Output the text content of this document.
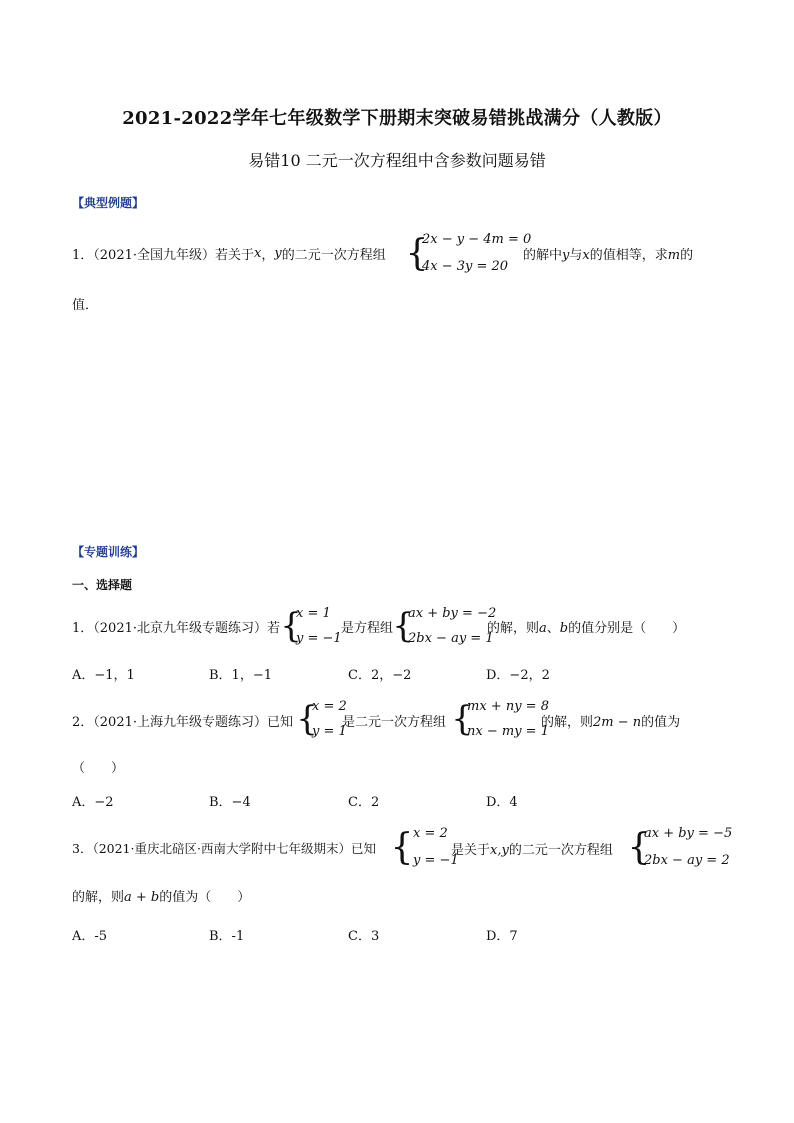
2021-2022学年七年级数学下册期末突破易错挑战满分（人教版）
易错10 二元一次方程组中含参数问题易错
【典型例题】
1．（2021·全国九年级）若关于 x ， y 的二元一次方程组 {
2x − y − 4m = 0
4x − 3y = 20
的解中y与x的值相等，求m的
值．
【专题训练】
一、选择题
1．（2021·北京九年级专题练习）若 {
x = 1
y = −1
是方程组 {
ax + by = −2
2bx − ay = 1
的解，则a、b的值分别是（　　）
A．−1，1	B．1，−1	C．2，−2	D．−2，2
2．（2021·上海九年级专题练习）已知 {
x = 2
y = 1
是二元一次方程组 {
mx + ny = 8
nx − my = 1
的解，则2m − n的值为
（　　）
A．−2	B．−4	C．2	D．4
3．（2021·重庆北碚区·西南大学附中七年级期末）已知 { x = 2
y = −1
是关于x,y的二元一次方程组 {
ax + by = −5
2bx − ay = 2
的解，则a + b的值为（　　）
A．-5	B．-1	C．3	D．7
